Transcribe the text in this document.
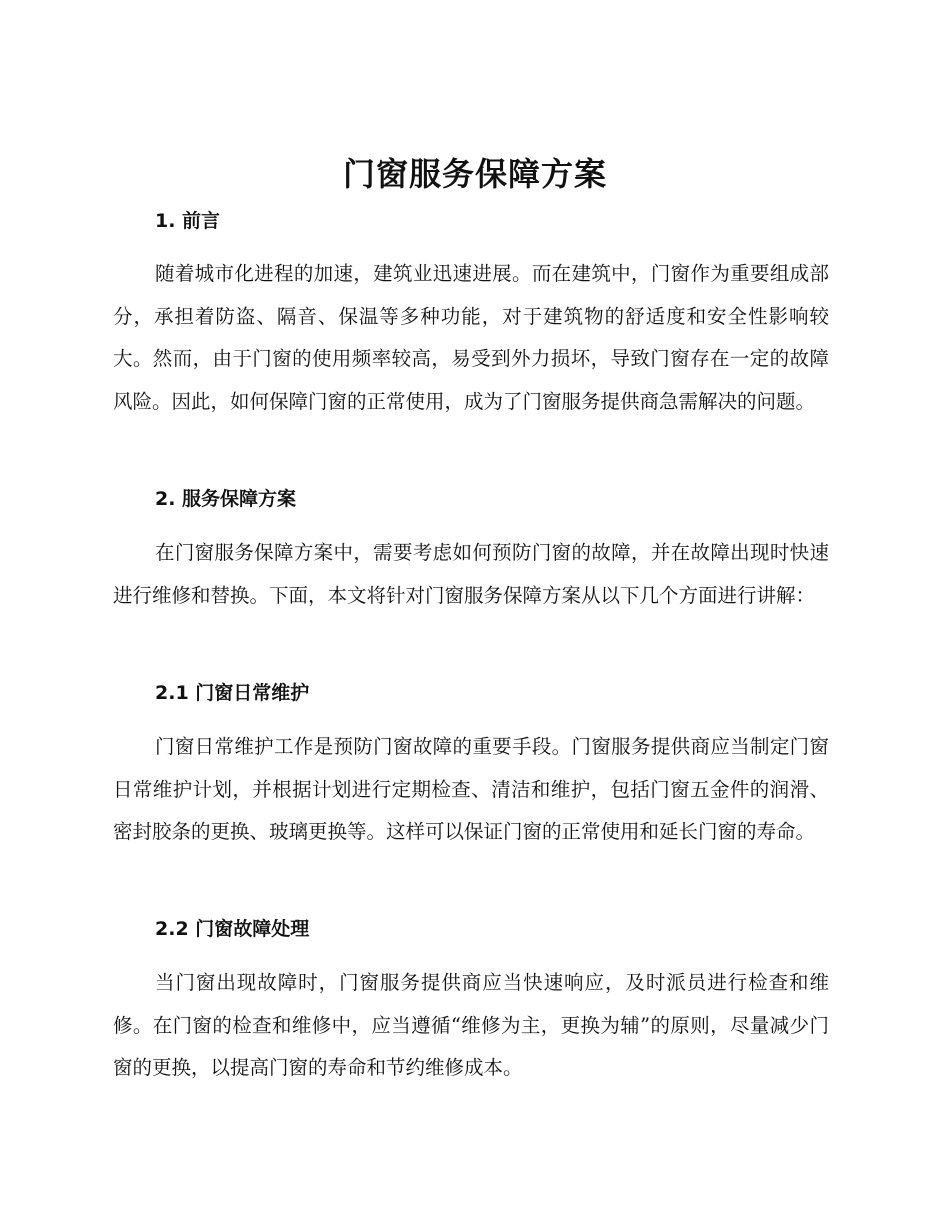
门窗服务保障方案
1. 前言

随着城市化进程的加速，建筑业迅速进展。而在建筑中，门窗作为重要组成部分，承担着防盗、隔音、保温等多种功能，对于建筑物的舒适度和安全性影响较大。然而，由于门窗的使用频率较高，易受到外力损坏，导致门窗存在一定的故障风险。因此，如何保障门窗的正常使用，成为了门窗服务提供商急需解决的问题。

2. 服务保障方案

在门窗服务保障方案中，需要考虑如何预防门窗的故障，并在故障出现时快速进行维修和替换。下面，本文将针对门窗服务保障方案从以下几个方面进行讲解：

2.1 门窗日常维护

门窗日常维护工作是预防门窗故障的重要手段。门窗服务提供商应当制定门窗日常维护计划，并根据计划进行定期检查、清洁和维护，包括门窗五金件的润滑、密封胶条的更换、玻璃更换等。这样可以保证门窗的正常使用和延长门窗的寿命。

2.2 门窗故障处理

当门窗出现故障时，门窗服务提供商应当快速响应，及时派员进行检查和维修。在门窗的检查和维修中，应当遵循“维修为主，更换为辅”的原则，尽量减少门窗的更换，以提高门窗的寿命和节约维修成本。
